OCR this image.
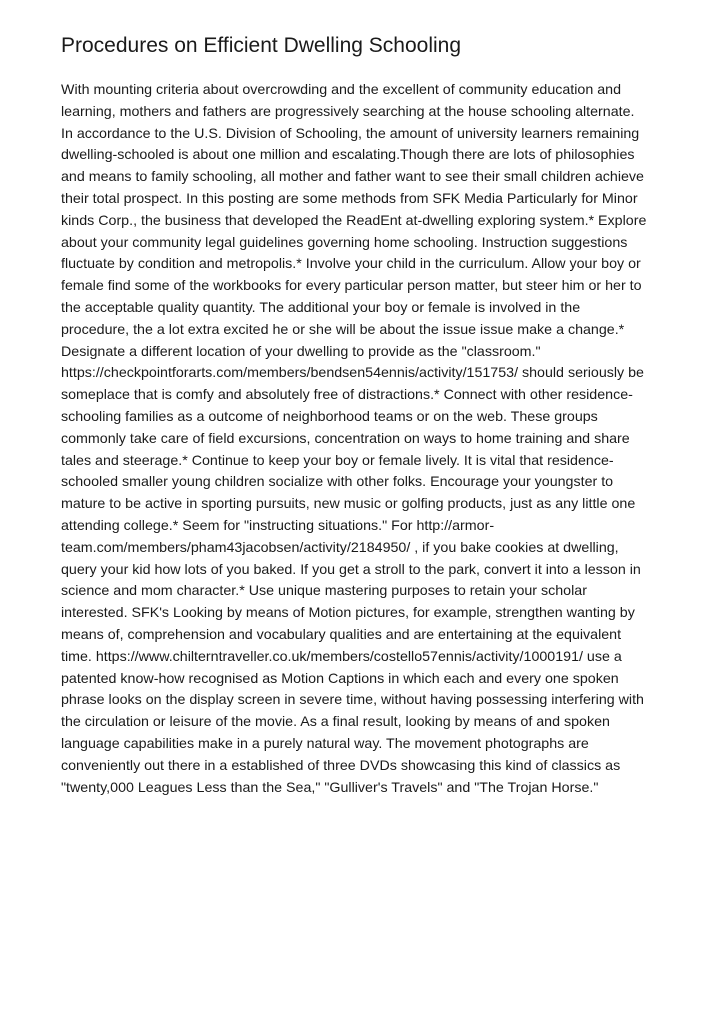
Procedures on Efficient Dwelling Schooling
With mounting criteria about overcrowding and the excellent of community education and
learning, mothers and fathers are progressively searching at the house schooling alternate.
In accordance to the U.S. Division of Schooling, the amount of university learners remaining
dwelling-schooled is about one million and escalating.Though there are lots of philosophies
and means to family schooling, all mother and father want to see their small children achieve
their total prospect. In this posting are some methods from SFK Media Particularly for Minor
kinds Corp., the business that developed the ReadEnt at-dwelling exploring system.* Explore
about your community legal guidelines governing home schooling. Instruction suggestions
fluctuate by condition and metropolis.* Involve your child in the curriculum. Allow your boy or
female find some of the workbooks for every particular person matter, but steer him or her to
the acceptable quality quantity. The additional your boy or female is involved in the
procedure, the a lot extra excited he or she will be about the issue issue make a change.*
Designate a different location of your dwelling to provide as the "classroom."
https://checkpointforarts.com/members/bendsen54ennis/activity/151753/ should seriously be
someplace that is comfy and absolutely free of distractions.* Connect with other residence-
schooling families as a outcome of neighborhood teams or on the web. These groups
commonly take care of field excursions, concentration on ways to home training and share
tales and steerage.* Continue to keep your boy or female lively. It is vital that residence-
schooled smaller young children socialize with other folks. Encourage your youngster to
mature to be active in sporting pursuits, new music or golfing products, just as any little one
attending college.* Seem for "instructing situations." For http://armor-
team.com/members/pham43jacobsen/activity/2184950/ , if you bake cookies at dwelling,
query your kid how lots of you baked. If you get a stroll to the park, convert it into a lesson in
science and mom character.* Use unique mastering purposes to retain your scholar
interested. SFK's Looking by means of Motion pictures, for example, strengthen wanting by
means of, comprehension and vocabulary qualities and are entertaining at the equivalent
time. https://www.chilterntraveller.co.uk/members/costello57ennis/activity/1000191/ use a
patented know-how recognised as Motion Captions in which each and every one spoken
phrase looks on the display screen in severe time, without having possessing interfering with
the circulation or leisure of the movie. As a final result, looking by means of and spoken
language capabilities make in a purely natural way. The movement photographs are
conveniently out there in a established of three DVDs showcasing this kind of classics as
"twenty,000 Leagues Less than the Sea," "Gulliver's Travels" and "The Trojan Horse."
